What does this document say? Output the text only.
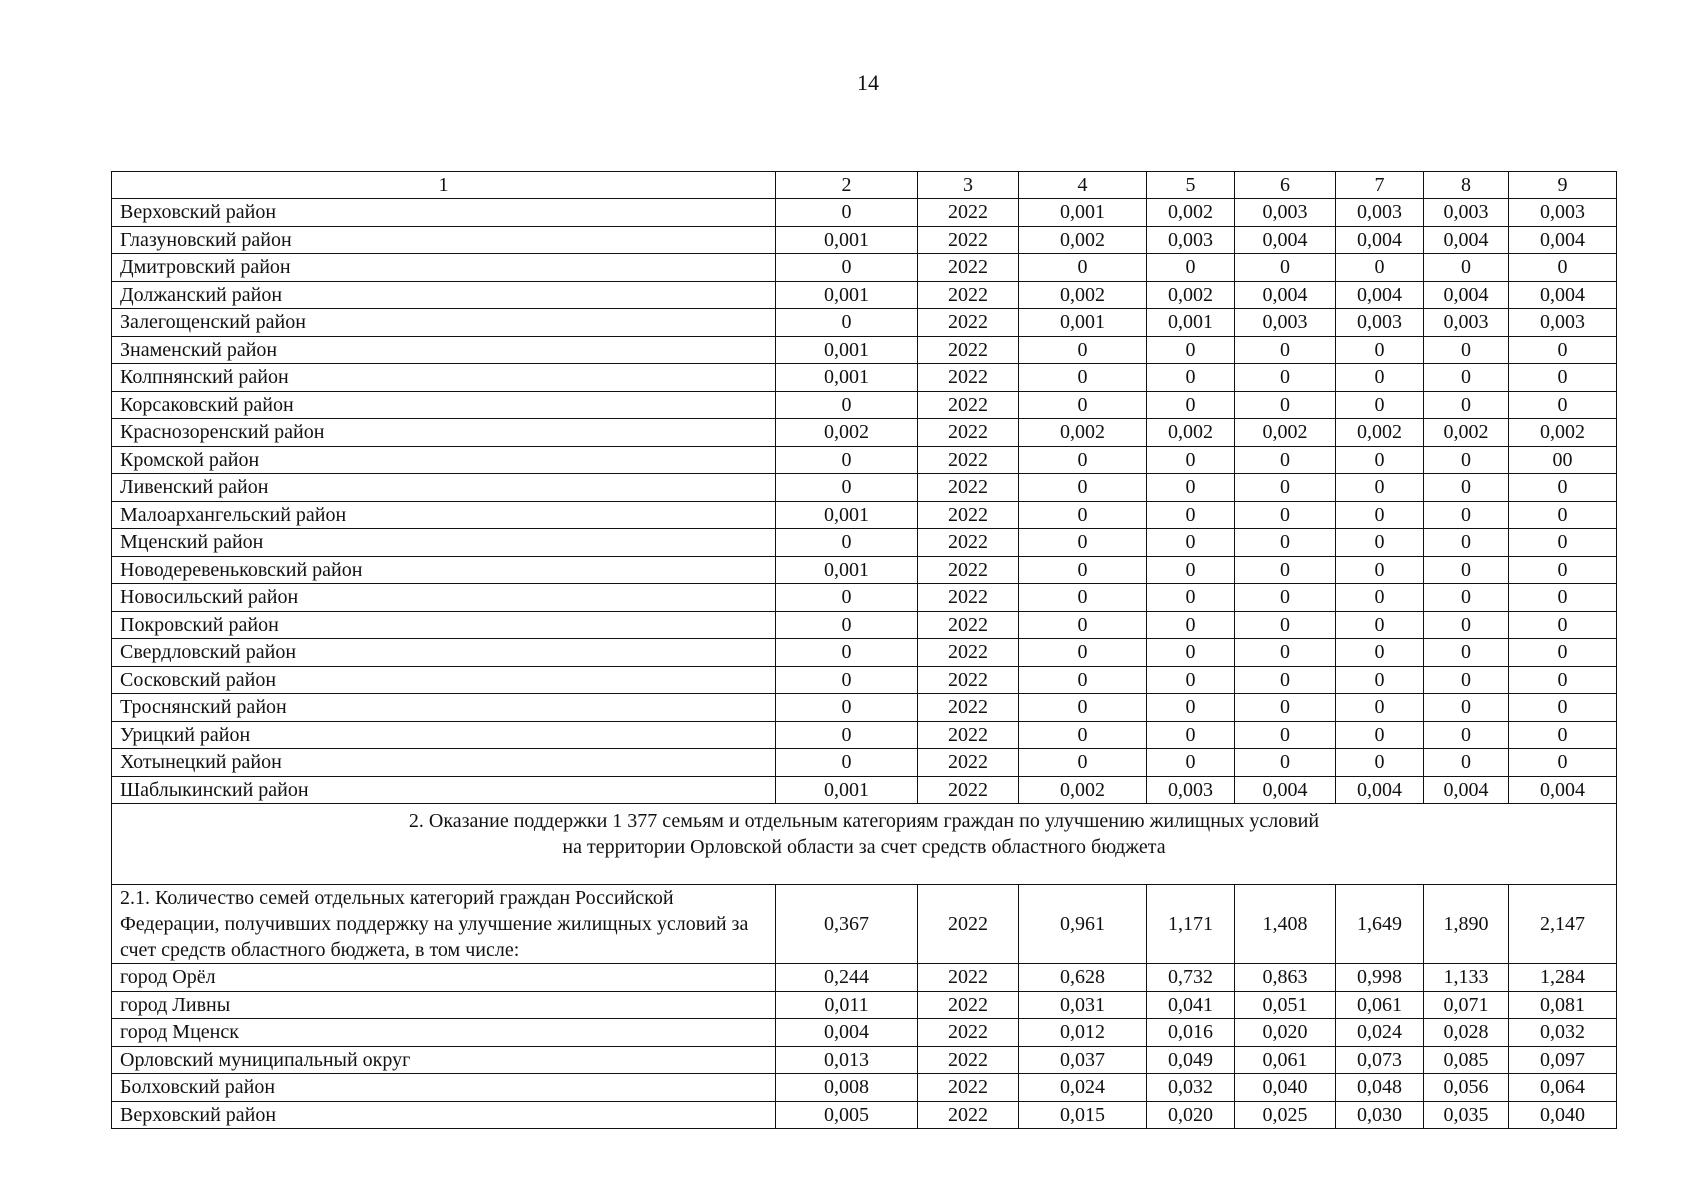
14
1	2	3	4	5	6	7	8	9
Верховский район	0	2022	0,001	0,002	0,003	0,003	0,003	0,003
Глазуновский район	0,001	2022	0,002	0,003	0,004	0,004	0,004	0,004
Дмитровский район	0	2022	0	0	0	0	0	0
Должанский район	0,001	2022	0,002	0,002	0,004	0,004	0,004	0,004
Залегощенский район	0	2022	0,001	0,001	0,003	0,003	0,003	0,003
Знаменский район	0,001	2022	0	0	0	0	0	0
Колпнянский район	0,001	2022	0	0	0	0	0	0
Корсаковский район	0	2022	0	0	0	0	0	0
Краснозоренский район	0,002	2022	0,002	0,002	0,002	0,002	0,002	0,002
Кромской район	0	2022	0	0	0	0	0	00
Ливенский район	0	2022	0	0	0	0	0	0
Малоархангельский район	0,001	2022	0	0	0	0	0	0
Мценский район	0	2022	0	0	0	0	0	0
Новодеревеньковский район	0,001	2022	0	0	0	0	0	0
Новосильский район	0	2022	0	0	0	0	0	0
Покровский район	0	2022	0	0	0	0	0	0
Свердловский район	0	2022	0	0	0	0	0	0
Сосковский район	0	2022	0	0	0	0	0	0
Троснянский район	0	2022	0	0	0	0	0	0
Урицкий район	0	2022	0	0	0	0	0	0
Хотынецкий район	0	2022	0	0	0	0	0	0
Шаблыкинский район	0,001	2022	0,002	0,003	0,004	0,004	0,004	0,004

2. Оказание поддержки 1 377 семьям и отдельным категориям граждан по улучшению жилищных условий
на территории Орловской области за счет средств областного бюджета								

2.1. Количество семей отдельных категорий граждан Российской Федерации, получивших поддержку на улучшение жилищных условий за счет средств областного бюджета, в том числе:	0,367	2022	0,961	1,171	1,408	1,649	1,890	2,147
город Орёл	0,244	2022	0,628	0,732	0,863	0,998	1,133	1,284
город Ливны	0,011	2022	0,031	0,041	0,051	0,061	0,071	0,081
город Мценск	0,004	2022	0,012	0,016	0,020	0,024	0,028	0,032
Орловский муниципальный округ	0,013	2022	0,037	0,049	0,061	0,073	0,085	0,097
Болховский район	0,008	2022	0,024	0,032	0,040	0,048	0,056	0,064
Верховский район	0,005	2022	0,015	0,020	0,025	0,030	0,035	0,040
